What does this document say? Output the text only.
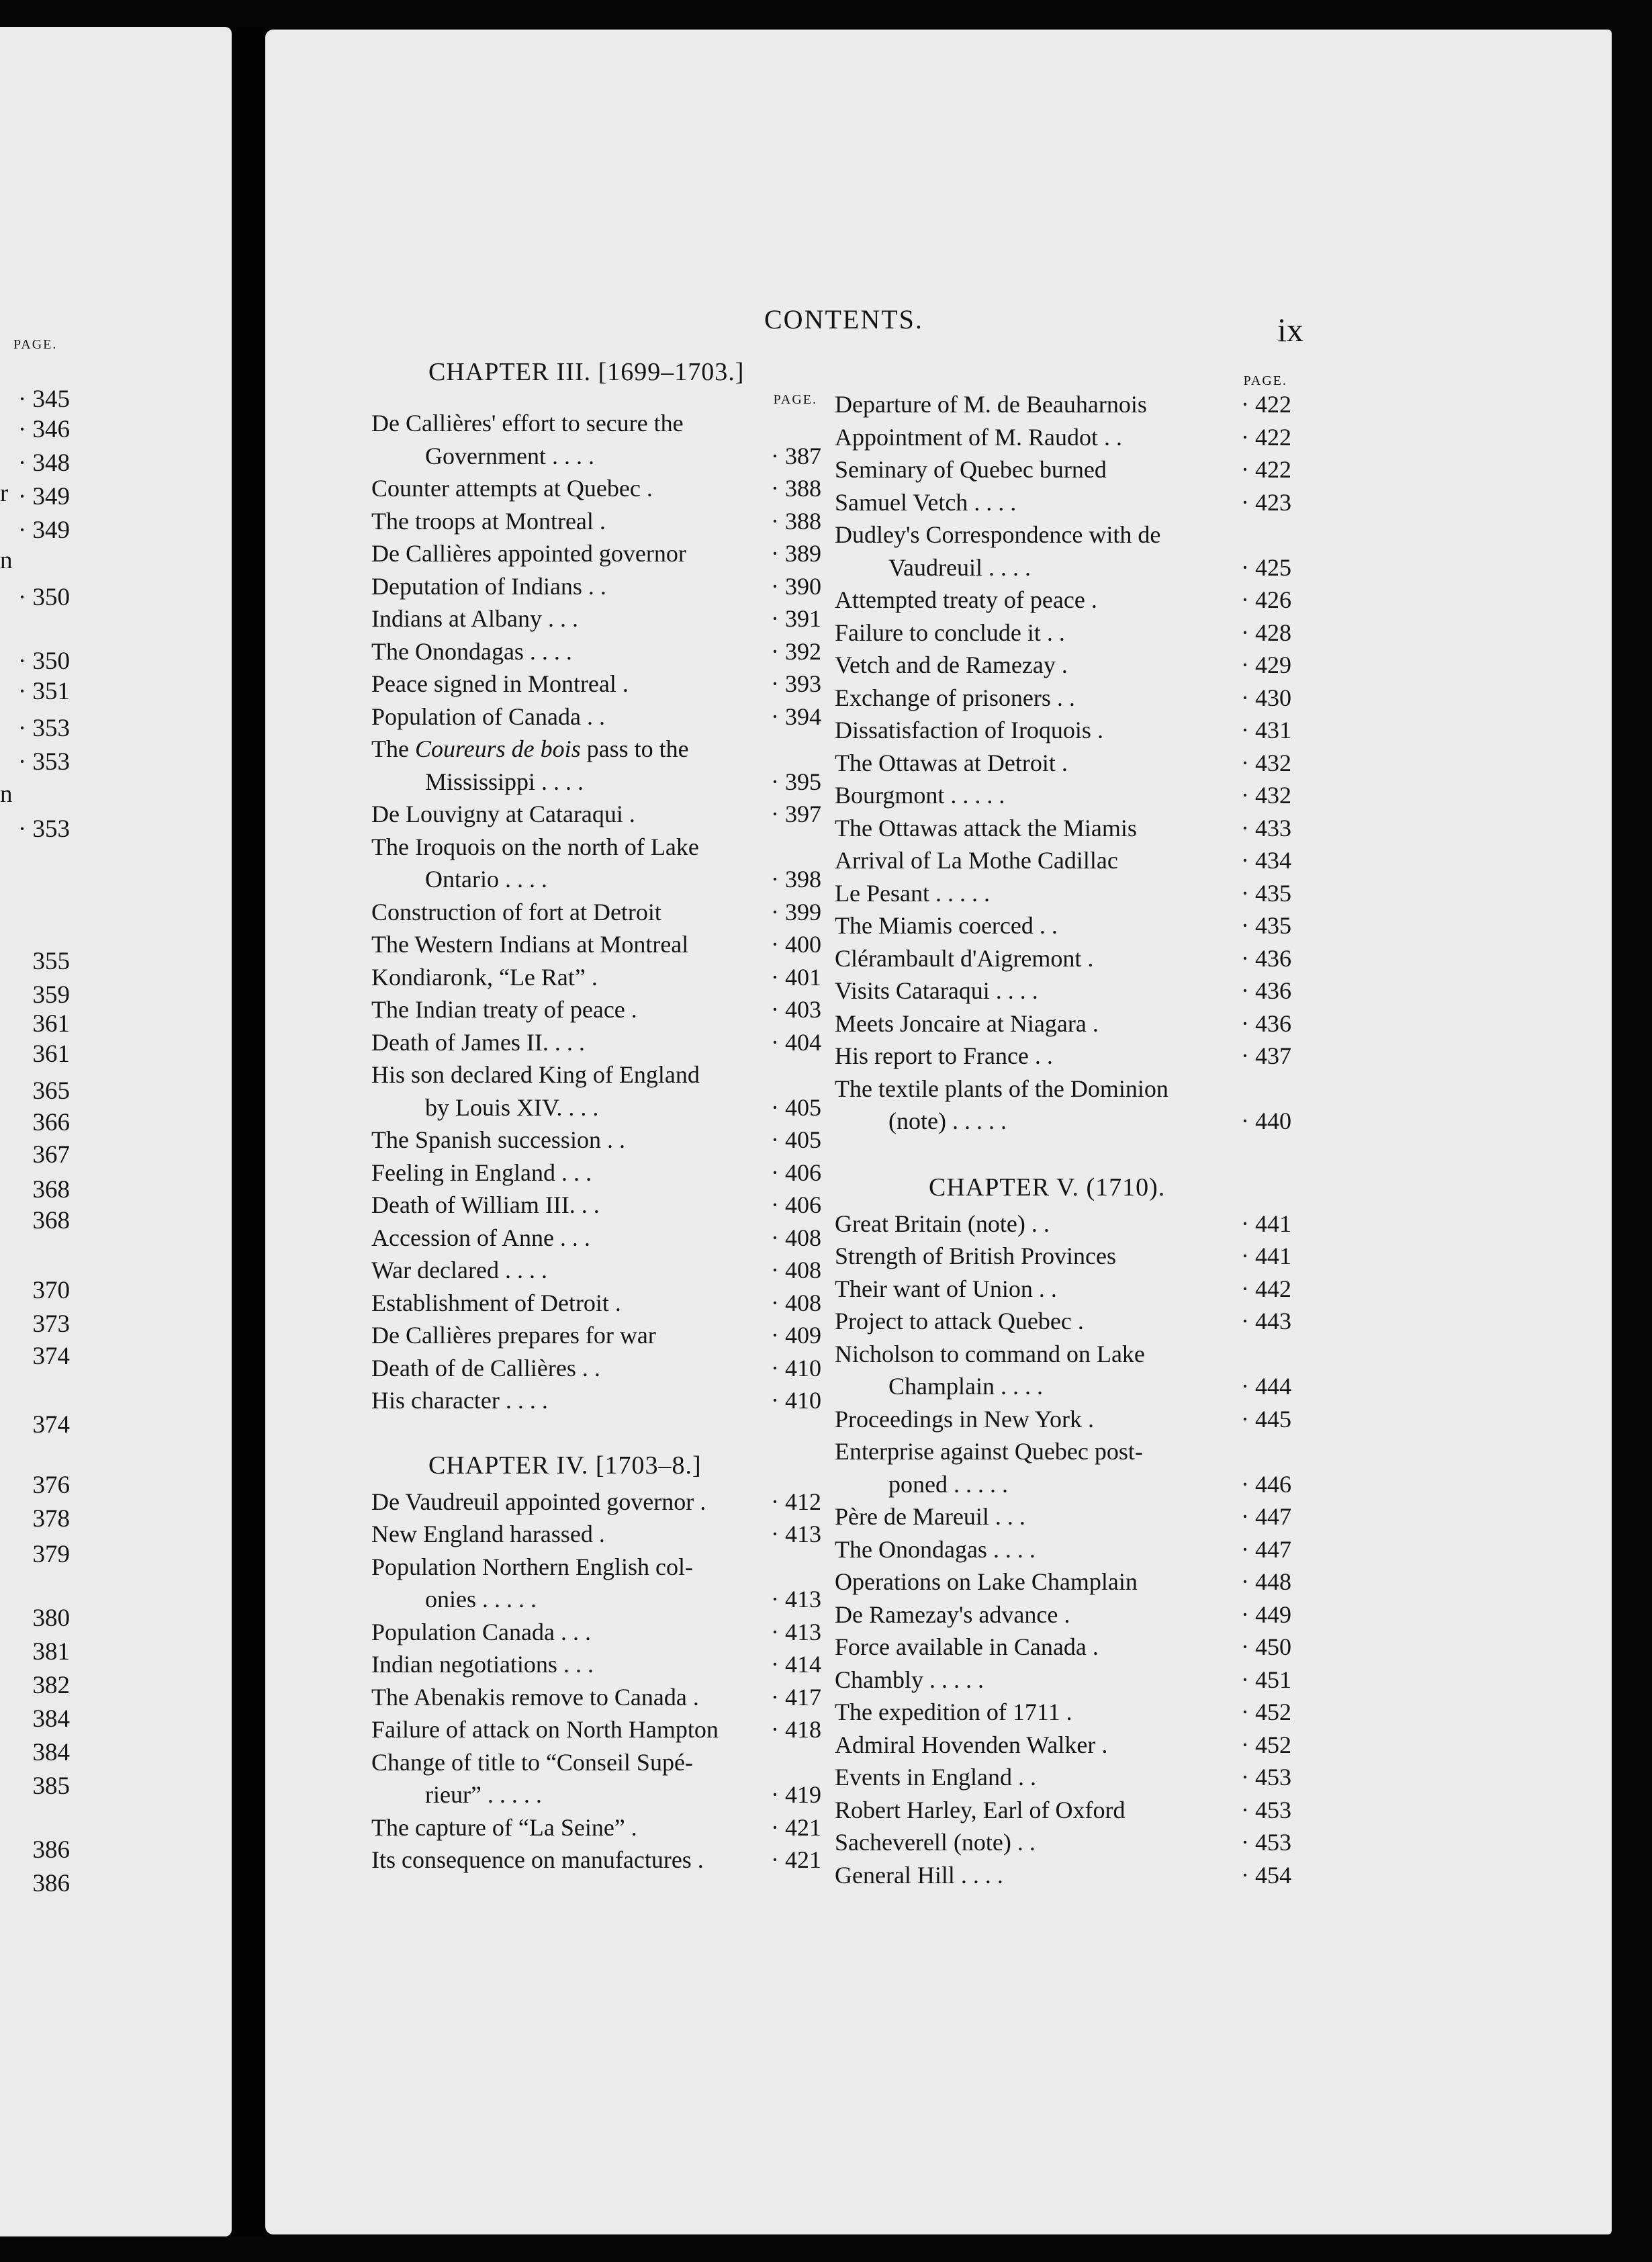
PAGE.
· 345
· 346
· 348
· 349
· 349
· 350
· 350
· 351
· 353
· 353
· 353
355
359
361
361
365
366
367
368
368
370
373
374
374
376
378
379
380
381
382
384
384
385
386
386
r
n
n
CONTENTS.	ix
CHAPTER III. [1699–1703.]
PAGE.
De Callières' effort to secure the
Government . . . .	· 387
Counter attempts at Quebec .	· 388
The troops at Montreal .	· 388
De Callières appointed governor	· 389
Deputation of Indians . .	· 390
Indians at Albany . . .	· 391
The Onondagas . . . .	· 392
Peace signed in Montreal .	· 393
Population of Canada . .	· 394
The Coureurs de bois pass to the
Mississippi . . . .	· 395
De Louvigny at Cataraqui .	· 397
The Iroquois on the north of Lake
Ontario . . . .	· 398
Construction of fort at Detroit	· 399
The Western Indians at Montreal	· 400
Kondiaronk, “Le Rat” .	· 401
The Indian treaty of peace .	· 403
Death of James II. . . .	· 404
His son declared King of England
by Louis XIV. . . .	· 405
The Spanish succession . .	· 405
Feeling in England . . .	· 406
Death of William III. . .	· 406
Accession of Anne . . .	· 408
War declared . . . .	· 408
Establishment of Detroit .	· 408
De Callières prepares for war	· 409
Death of de Callières . .	· 410
His character . . . .	· 410
CHAPTER IV. [1703–8.]
De Vaudreuil appointed governor .	· 412
New England harassed .	· 413
Population Northern English col-
onies . . . . .	· 413
Population Canada . . .	· 413
Indian negotiations . . .	· 414
The Abenakis remove to Canada .	· 417
Failure of attack on North Hampton	· 418
Change of title to “Conseil Supé-
rieur” . . . . .	· 419
The capture of “La Seine” .	· 421
Its consequence on manufactures .	· 421
PAGE.
Departure of M. de Beauharnois	· 422
Appointment of M. Raudot . .	· 422
Seminary of Quebec burned	· 422
Samuel Vetch . . . .	· 423
Dudley's Correspondence with de
Vaudreuil . . . .	· 425
Attempted treaty of peace .	· 426
Failure to conclude it . .	· 428
Vetch and de Ramezay .	· 429
Exchange of prisoners . .	· 430
Dissatisfaction of Iroquois .	· 431
The Ottawas at Detroit .	· 432
Bourgmont . . . . .	· 432
The Ottawas attack the Miamis	· 433
Arrival of La Mothe Cadillac	· 434
Le Pesant . . . . .	· 435
The Miamis coerced . .	· 435
Clérambault d'Aigremont .	· 436
Visits Cataraqui . . . .	· 436
Meets Joncaire at Niagara .	· 436
His report to France . .	· 437
The textile plants of the Dominion
(note) . . . . .	· 440
CHAPTER V. (1710).
Great Britain (note) . .	· 441
Strength of British Provinces	· 441
Their want of Union . .	· 442
Project to attack Quebec .	· 443
Nicholson to command on Lake
Champlain . . . .	· 444
Proceedings in New York .	· 445
Enterprise against Quebec post-
poned . . . . .	· 446
Père de Mareuil . . .	· 447
The Onondagas . . . .	· 447
Operations on Lake Champlain	· 448
De Ramezay's advance .	· 449
Force available in Canada .	· 450
Chambly . . . . .	· 451
The expedition of 1711 .	· 452
Admiral Hovenden Walker .	· 452
Events in England . .	· 453
Robert Harley, Earl of Oxford	· 453
Sacheverell (note) . .	· 453
General Hill . . . .	· 454
